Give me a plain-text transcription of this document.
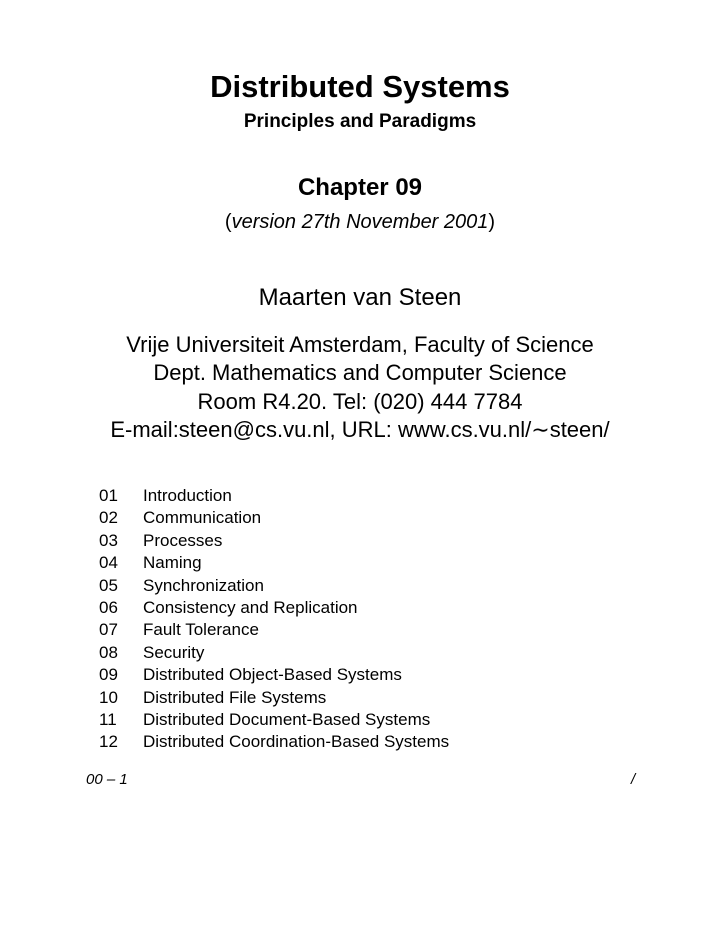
Distributed Systems
Principles and Paradigms
Chapter 09
(version 27th November 2001)
Maarten van Steen
Vrije Universiteit Amsterdam, Faculty of Science
Dept. Mathematics and Computer Science
Room R4.20. Tel: (020) 444 7784
E-mail:steen@cs.vu.nl, URL: www.cs.vu.nl/∼steen/
01 Introduction
02 Communication
03 Processes
04 Naming
05 Synchronization
06 Consistency and Replication
07 Fault Tolerance
08 Security
09 Distributed Object-Based Systems
10 Distributed File Systems
11 Distributed Document-Based Systems
12 Distributed Coordination-Based Systems
00 – 1	/
